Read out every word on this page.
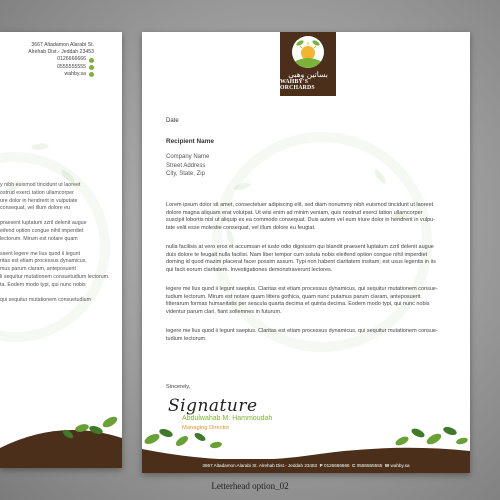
3667 Altadamon Alarabi St.
Alrehab Dist.- Jeddah 23453
0126666666
0555555555
wahby.sa
y nibh euismod tincidunt ut laoreet
ostrud exerci tation ullamcorper
ure dolor in hendrerit in vulputate
consequat, vel illum dolore eu
praesent luptatum zzril delenit augue
eifend option congue nihil imperdiet
lectorum. Mirum est notare quam
ssent legere me lius quod ii legunt
ritas est etiam processus dynamicus,
mus parum claram, anteposuerit
li sequitur mutationem consuetudium lectorum.
ta. Eodem modo typi, qui nunc nobis
qui sequitur mutationem consuetudium
بساتين وهبي
WAHBY'S ORCHARDS
Date
Recipient Name
Company Name
Street Address
City, State, Zip
Lorem ipsum dolor sit amet, consectetuer adipiscing elit, sed diam nonummy nibh euismod tincidunt ut laoreet
dolore magna aliquam erat volutpat. Ut wisi enim ad minim veniam, quis nostrud exerci tation ullamcorper
suscipit lobortis nisl ut aliquip ex ea commodo consequat. Duis autem vel eum iriure dolor in hendrerit in vulpu-
tate velit esse molestie consequat, vel illum dolore eu feugiat.
nulla facilisis at vero eros et accumsan et iusto odio dignissim qui blandit praesent luptatum zzril delenit augue
duis dolore te feugait nulla facilisi. Nam liber tempor cum soluta nobis eleifend option congue nihil imperdiet
doming id quod mazim placerat facer possim assum. Typi non habent claritatem insitam; est usus legentis in iis
qui facit eorum claritatem. Investigationes demonstraverunt lectores.
legere me lius quod ii legunt saepius. Claritas est etiam processus dynamicus, qui sequitur mutationem consue-
tudium lectorum. Mirum est notare quam littera gothica, quam nunc putamus parum claram, anteposuerit
litterarum formas humanitatis per seacula quarta decima et quinta decima. Eodem modo typi, qui nunc nobis
videntur parum clari, fiant sollemnes in futurum.
legere me lius quod ii legunt saepius. Claritas est etiam processus dynamicus, qui sequitur mutationem consue-
tudium lectorum.
Sincerely,
Signature
Abdulwahab M. Hammoudah
Managing Director
3667 Altadamon Alarabi St. Alrehab Dist.- Jeddah 23453 P 0126666666 C 0555555555 W wahby.sa
Letterhead option_02
